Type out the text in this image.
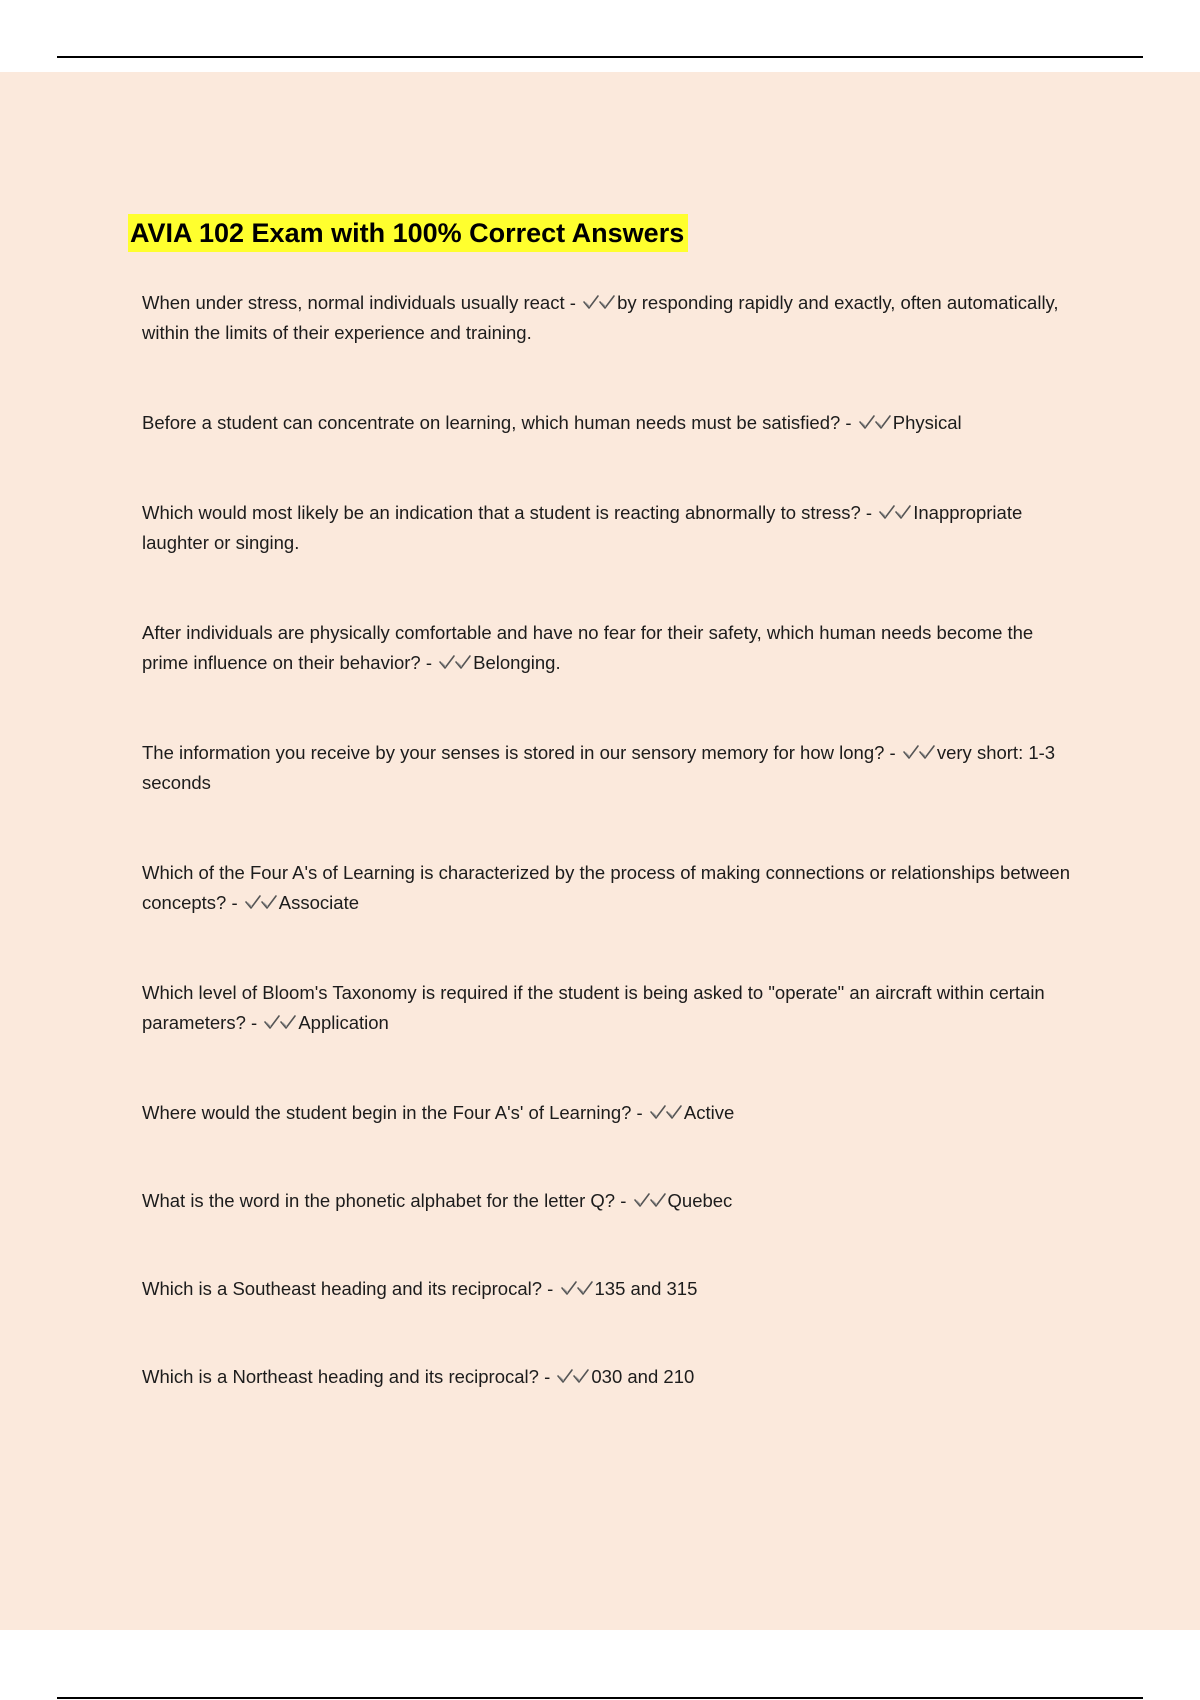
AVIA 102 Exam with 100% Correct Answers
When under stress, normal individuals usually react -
by responding rapidly and exactly, often automatically, within the limits of their experience and training.
Before a student can concentrate on learning, which human needs must be satisfied? -
Physical
Which would most likely be an indication that a student is reacting abnormally to stress? -
Inappropriate laughter or singing.
After individuals are physically comfortable and have no fear for their safety, which human needs become the prime influence on their behavior? -
Belonging.
The information you receive by your senses is stored in our sensory memory for how long? -
very short: 1-3 seconds
Which of the Four A's of Learning is characterized by the process of making connections or relationships between concepts? -
Associate
Which level of Bloom's Taxonomy is required if the student is being asked to "operate" an aircraft within certain parameters? -
Application
Where would the student begin in the Four A's' of Learning? -
Active
What is the word in the phonetic alphabet for the letter Q? -
Quebec
Which is a Southeast heading and its reciprocal? -
135 and 315
Which is a Northeast heading and its reciprocal? -
030 and 210
